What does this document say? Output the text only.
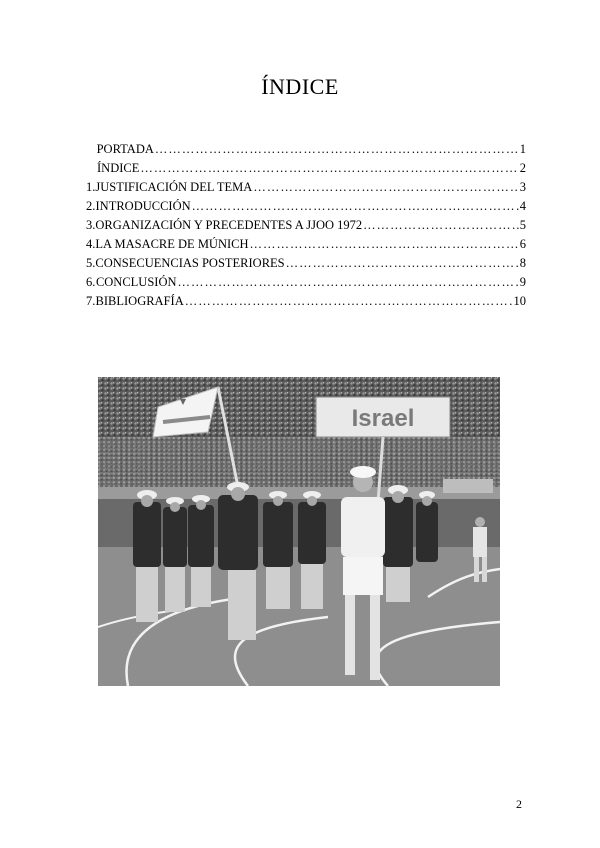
ÍNDICE
PORTADA ……………………………………………………………………………………………………………………………………………………	1
ÍNDICE ……………………………………………………………………………………………………………………………………………………	2
1. JUSTIFICACIÓN DEL TEMA ……………………………………………………………………………………………………………………………………………………	3
2. INTRODUCCIÓN ……………………………………………………………………………………………………………………………………………………	4
3. ORGANIZACIÓN Y PRECEDENTES A JJOO 1972 ……………………………………………………………………………………………………………………………………………………	5
4. LA MASACRE DE MÚNICH ……………………………………………………………………………………………………………………………………………………	6
5. CONSECUENCIAS POSTERIORES ……………………………………………………………………………………………………………………………………………………	8
6. CONCLUSIÓN ……………………………………………………………………………………………………………………………………………………	9
7. BIBLIOGRAFÍA ……………………………………………………………………………………………………………………………………………………	10
Israel
2
